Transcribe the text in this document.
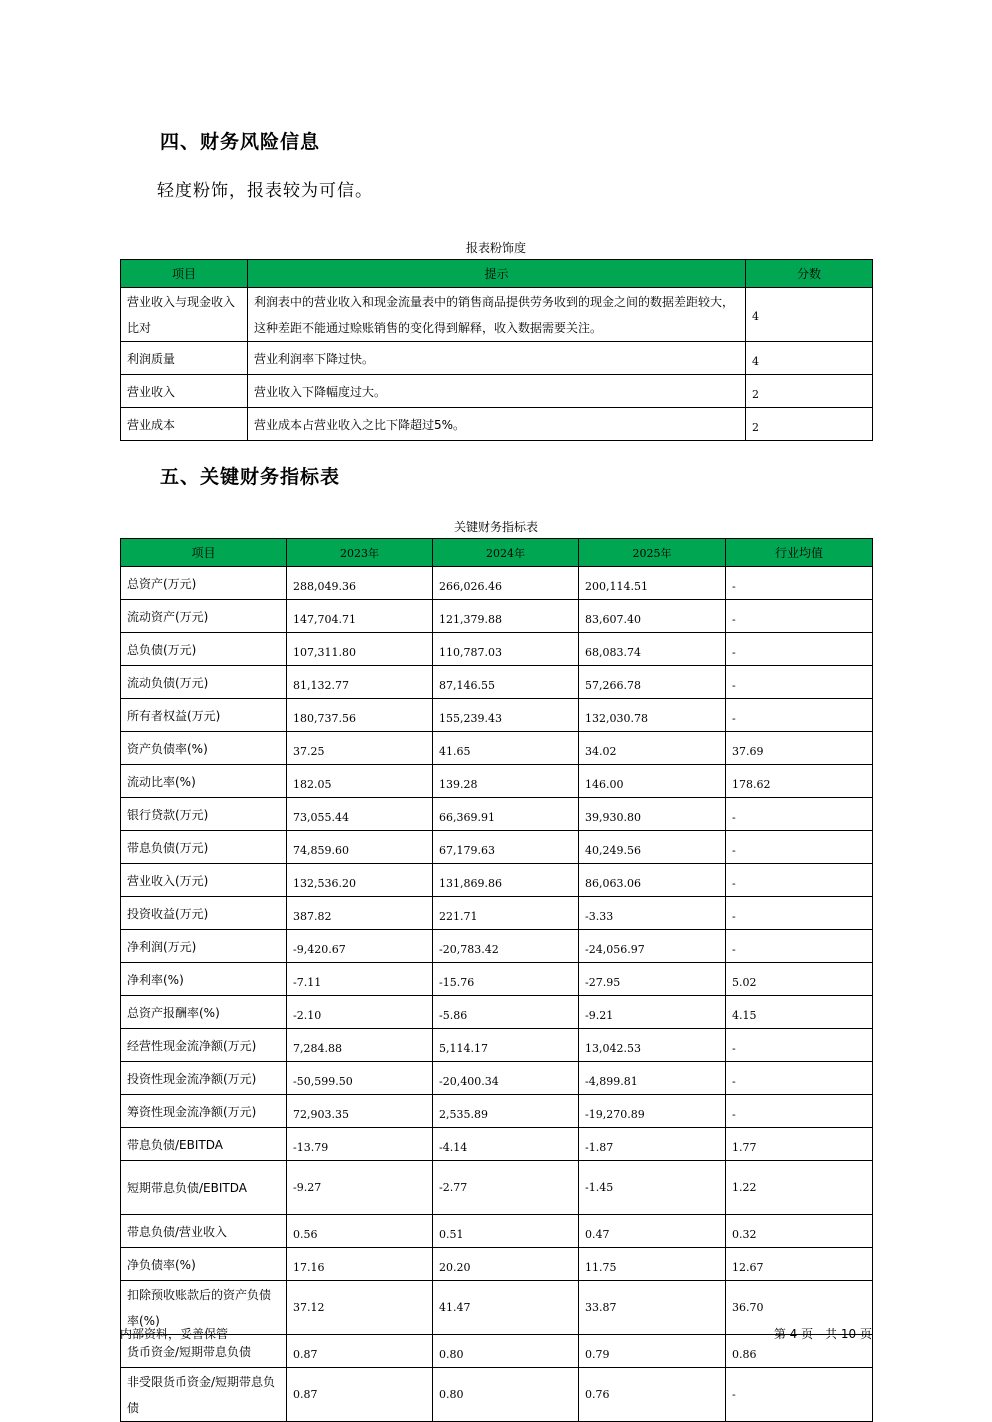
四、财务风险信息
轻度粉饰，报表较为可信。
报表粉饰度
项目	提示	分数
营业收入与现金收入比对	利润表中的营业收入和现金流量表中的销售商品提供劳务收到的现金之间的数据差距较大，这种差距不能通过赊账销售的变化得到解释，收入数据需要关注。	4
利润质量	营业利润率下降过快。	4
营业收入	营业收入下降幅度过大。	2
营业成本	营业成本占营业收入之比下降超过5%。	2
五、关键财务指标表
关键财务指标表
项目	2023年	2024年	2025年	行业均值
总资产(万元)	288,049.36	266,026.46	200,114.51	-
流动资产(万元)	147,704.71	121,379.88	83,607.40	-
总负债(万元)	107,311.80	110,787.03	68,083.74	-
流动负债(万元)	81,132.77	87,146.55	57,266.78	-
所有者权益(万元)	180,737.56	155,239.43	132,030.78	-
资产负债率(%)	37.25	41.65	34.02	37.69
流动比率(%)	182.05	139.28	146.00	178.62
银行贷款(万元)	73,055.44	66,369.91	39,930.80	-
带息负债(万元)	74,859.60	67,179.63	40,249.56	-
营业收入(万元)	132,536.20	131,869.86	86,063.06	-
投资收益(万元)	387.82	221.71	-3.33	-
净利润(万元)	-9,420.67	-20,783.42	-24,056.97	-
净利率(%)	-7.11	-15.76	-27.95	5.02
总资产报酬率(%)	-2.10	-5.86	-9.21	4.15
经营性现金流净额(万元)	7,284.88	5,114.17	13,042.53	-
投资性现金流净额(万元)	-50,599.50	-20,400.34	-4,899.81	-
筹资性现金流净额(万元)	72,903.35	2,535.89	-19,270.89	-
带息负债/EBITDA	-13.79	-4.14	-1.87	1.77
短期带息负债/EBITDA	-9.27	-2.77	-1.45	1.22
带息负债/营业收入	0.56	0.51	0.47	0.32
净负债率(%)	17.16	20.20	11.75	12.67
扣除预收账款后的资产负债率(%)	37.12	41.47	33.87	36.70
货币资金/短期带息负债	0.87	0.80	0.79	0.86
非受限货币资金/短期带息负债	0.87	0.80	0.76	-
内部资料，妥善保管	第 4 页　共 10 页
